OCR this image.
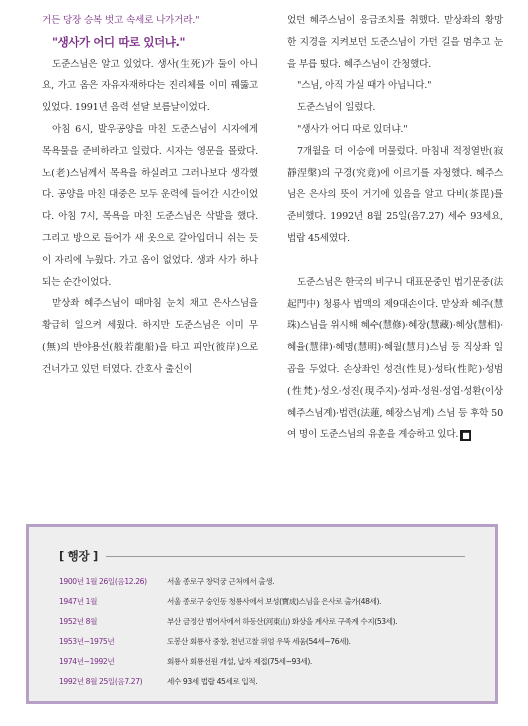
거든 당장 승복 벗고 속세로 나가거라."

"생사가 어디 따로 있더냐."

도준스님은 알고 있었다. 생사(生死)가 둘이 아니요, 가고 옴은 자유자재하다는 진리체를 이미 꿰뚫고 있었다. 1991년 음력 섣달 보름날이었다.

아침 6시, 발우공양을 마친 도준스님이 시자에게 목욕물을 준비하라고 일렀다. 시자는 영문을 몰랐다. 노(老)스님께서 목욕을 하실려고 그러나보다 생각했다. 공양을 마친 대중은 모두 운력에 들어간 시간이었다. 아침 7시, 목욕을 마친 도준스님은 삭발을 했다. 그리고 방으로 들어가 새 옷으로 갈아입더니 쉬는 듯이 자리에 누웠다. 가고 옴이 없었다. 생과 사가 하나 되는 순간이었다.

맏상좌 혜주스님이 때마침 눈치 채고 은사스님을 황급히 일으켜 세웠다. 하지만 도준스님은 이미 무(無)의 반야용선(般若龍船)을 타고 피안(彼岸)으로 건너가고 있던 터였다. 간호사 출신이

었던 혜주스님이 응급조치를 취했다. 맏상좌의 황망한 지경을 지켜보던 도준스님이 가던 길을 멈추고 눈을 부릅 떴다. 혜주스님이 간청했다.

"스님, 아직 가실 때가 아닙니다."

도준스님이 일렀다.

"생사가 어디 따로 있더냐."

7개월을 더 이승에 머물렀다. 마침내 적정열반(寂靜涅槃)의 구경(究竟)에 이르기를 자청했다. 혜주스님은 은사의 뜻이 거기에 있음을 알고 다비(茶毘)를 준비했다. 1992년 8월 25일(음7.27) 세수 93세요, 법랍 45세였다.

도준스님은 한국의 비구니 대표문중인 법기문중(法起門中) 청룡사 법맥의 제9대손이다. 맏상좌 혜주(慧珠)스님을 위시해 혜수(慧修)·혜장(慧藏)·혜상(慧相)·혜율(慧律)·혜명(慧明)·혜월(慧月)스님 등 직상좌 일곱을 두었다. 손상좌인 성견(性見)·성타(性陀)·성범(性梵)·성오·성진(現주지)·성파·성원·성엽·성환(이상 혜주스님계)·법련(法蓮, 혜장스님계) 스님 등 후학 50여 명이 도준스님의 유훈을 계승하고 있다. ■

[ 행장 ]
1900년 1월 26일(음12.26)	서울 종로구 창덕궁 근처에서 출생.
1947년 1월	서울 종로구 숭인동 청룡사에서 보성(寶成)스님을 은사로 출가(48세).
1952년 8월	부산 금정산 범어사에서 하동산(河東山) 화상을 계사로 구족계 수지(53세).
1953년~1975년	도봉산 회룡사 중창, 천년고찰 위엄 우뚝 세움(54세~76세).
1974년~1992년	회룡사 회룡선원 개설, 납자 제접(75세~93세).
1992년 8월 25일(음7.27)	세수 93세 법랍 45세로 입적.
